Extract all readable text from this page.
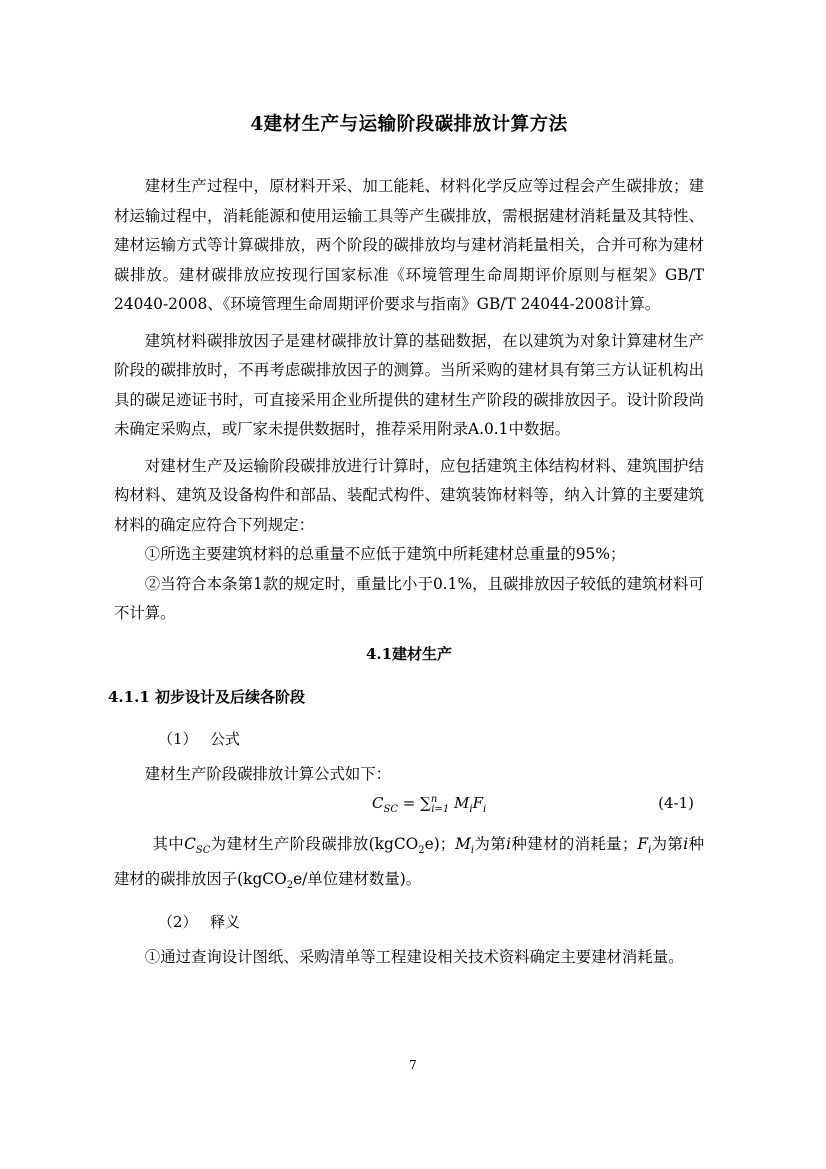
4建材生产与运输阶段碳排放计算方法

建材生产过程中，原材料开采、加工能耗、材料化学反应等过程会产生碳排放；建材运输过程中，消耗能源和使用运输工具等产生碳排放，需根据建材消耗量及其特性、建材运输方式等计算碳排放，两个阶段的碳排放均与建材消耗量相关，合并可称为建材碳排放。建材碳排放应按现行国家标准《环境管理生命周期评价原则与框架》GB/T 24040-2008、《环境管理生命周期评价要求与指南》GB/T 24044-2008计算。

建筑材料碳排放因子是建材碳排放计算的基础数据，在以建筑为对象计算建材生产阶段的碳排放时，不再考虑碳排放因子的测算。当所采购的建材具有第三方认证机构出具的碳足迹证书时，可直接采用企业所提供的建材生产阶段的碳排放因子。设计阶段尚未确定采购点，或厂家未提供数据时，推荐采用附录A.0.1中数据。

对建材生产及运输阶段碳排放进行计算时，应包括建筑主体结构材料、建筑围护结构材料、建筑及设备构件和部品、装配式构件、建筑装饰材料等，纳入计算的主要建筑材料的确定应符合下列规定：

①所选主要建筑材料的总重量不应低于建筑中所耗建材总重量的95%；

②当符合本条第1款的规定时，重量比小于0.1%，且碳排放因子较低的建筑材料可不计算。

4.1建材生产
4.1.1 初步设计及后续各阶段
（1） 公式

建材生产阶段碳排放计算公式如下：

$C_{SC} = \sum^n_{i=1}$ $M_iF_i$	(4-1)

其中$C_{SC}$为建材生产阶段碳排放(kgCO$_2$e)；$M_i$为第i种建材的消耗量；$F_i$为第i种建材的碳排放因子(kgCO$_2$e/单位建材数量)。

（2） 释义

①通过查询设计图纸、采购清单等工程建设相关技术资料确定主要建材消耗量。

7
